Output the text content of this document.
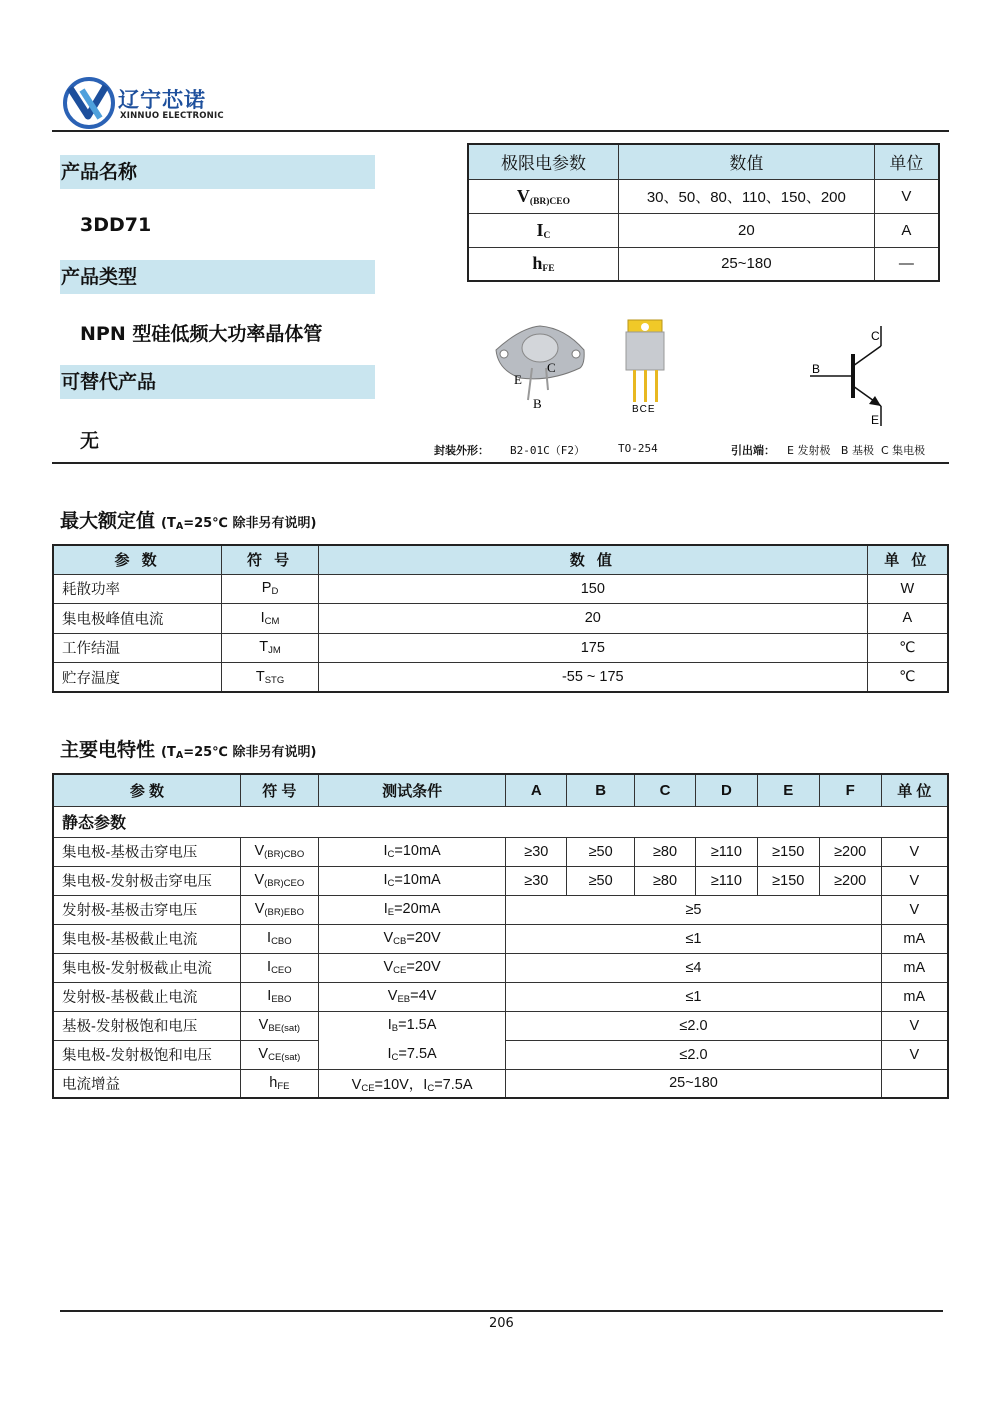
辽宁芯诺
XINNUO ELECTRONIC
产品名称
3DD71
产品类型
NPN 型硅低频大功率晶体管
可替代产品
无
极限电参数	数值	单位
$V_{(BR)CEO}$	30、50、80、110、150、200	V
$I_C$	20	A
$h_{FE}$	25~180	—
E
C
B	BCE
C
B
E
封装外形： B2-01C（F2）	TO-254	引出端： E 发射极   B 基极  C 集电极
最大额定值 ($T_A=25℃$ 除非另有说明)
参 数	符 号	数 值	单 位
耗散功率	$P_D$	150	W
集电极峰值电流	$I_{CM}$	20	A
工作结温	$T_{JM}$	175	℃
贮存温度	$T_{STG}$	-55 ~ 175	℃
主要电特性 ($T_A=25℃$ 除非另有说明)
参 数	符 号	测试条件	A	B	C	D	E	F	单 位
静态参数									
集电极-基极击穿电压	$V_{(BR)CBO}$	$I_C=10mA$	≥30	≥50	≥80	≥110	≥150	≥200	V
集电极-发射极击穿电压	$V_{(BR)CEO}$	$I_C=10mA$	≥30	≥50	≥80	≥110	≥150	≥200	V
发射极-基极击穿电压	$V_{(BR)EBO}$	$I_E=20mA$	≥5						V
集电极-基极截止电流	$I_{CBO}$	$V_{CB}=20V$	≤1						mA
集电极-发射极截止电流	$I_{CEO}$	$V_{CE}=20V$	≤4						mA
发射极-基极截止电流	$I_{EBO}$	$V_{EB}=4V$	≤1						mA
基极-发射极饱和电压	$V_{BE(sat)}$	$I_B=1.5A$	≤2.0						V
集电极-发射极饱和电压	$V_{CE(sat)}$	$I_C=7.5A$	≤2.0						V
电流增益	$h_{FE}$	$V_{CE}=10V$，$I_C=7.5A$	25~180						
206
